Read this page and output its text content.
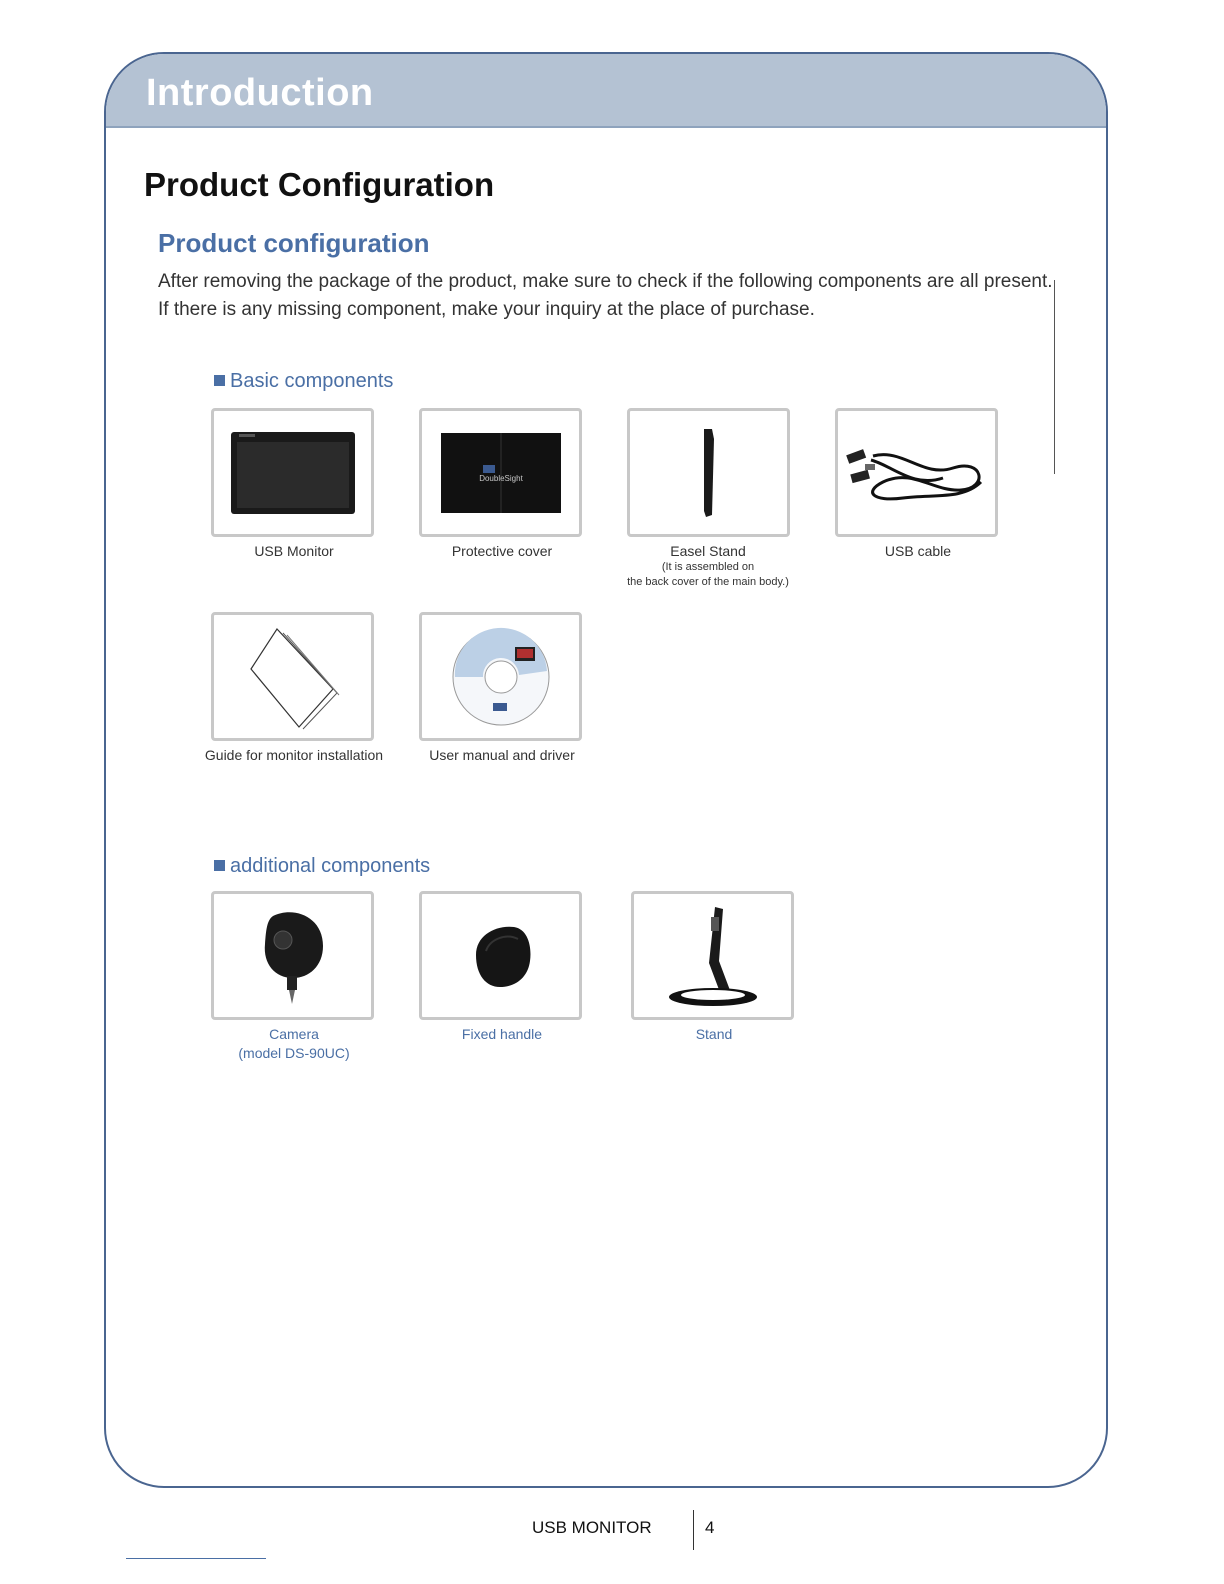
Introduction
Product Configuration
Product configuration
After removing the package of the product, make sure to check if the following components are all present.
If there is any missing component, make your inquiry at the place of purchase.
Basic components
USB Monitor
DoubleSight
Protective cover	Easel Stand
(It is assembled on
the back cover of the main body.)
USB cable
Guide for monitor installation	User manual and driver
additional components
Camera
(model DS-90UC)
Fixed handle	Stand
USB MONITOR	4
